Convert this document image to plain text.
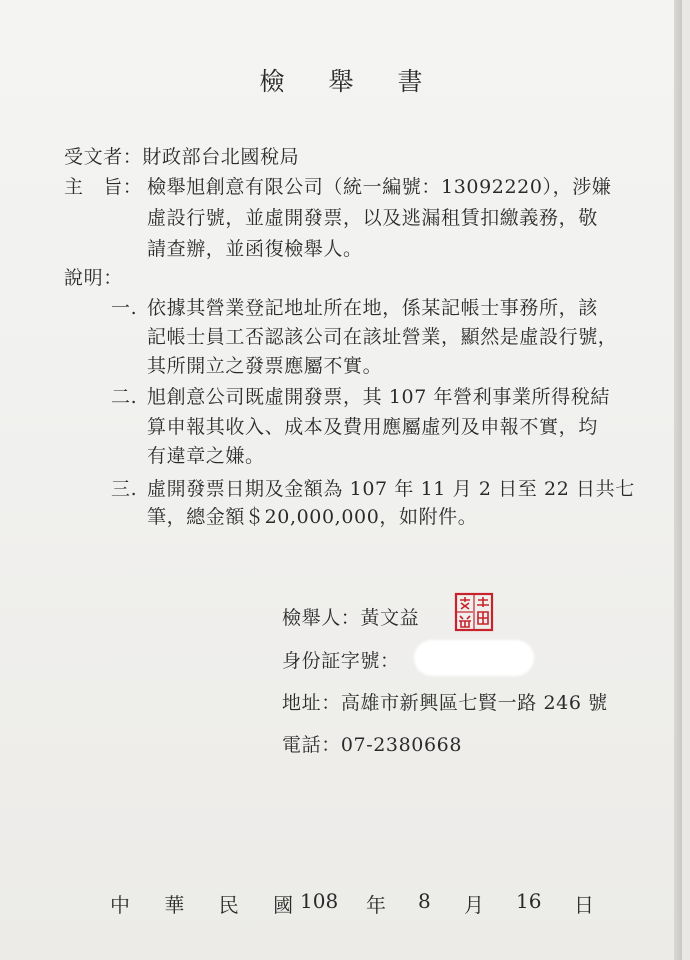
檢 舉 書
受文者：財政部台北國稅局
主　旨： 檢舉旭創意有限公司（統一編號：13092220），涉嫌
虛設行號，並虛開發票，以及逃漏租賃扣繳義務，敬
請查辦，並函復檢舉人。
說明：
一. 依據其營業登記地址所在地，係某記帳士事務所，該
記帳士員工否認該公司在該址營業，顯然是虛設行號，
其所開立之發票應屬不實。
二. 旭創意公司既虛開發票，其 107 年營利事業所得稅結
算申報其收入、成本及費用應屬虛列及申報不實，均
有違章之嫌。
三. 虛開發票日期及金額為 107 年 11 月 2 日至 22 日共七
筆，總金額＄20,000,000，如附件。
檢舉人：黃文益
身份証字號：
地址：高雄市新興區七賢一路 246 號
電話：07-2380668
中 華 民 國
108 年 8 月 16 日
